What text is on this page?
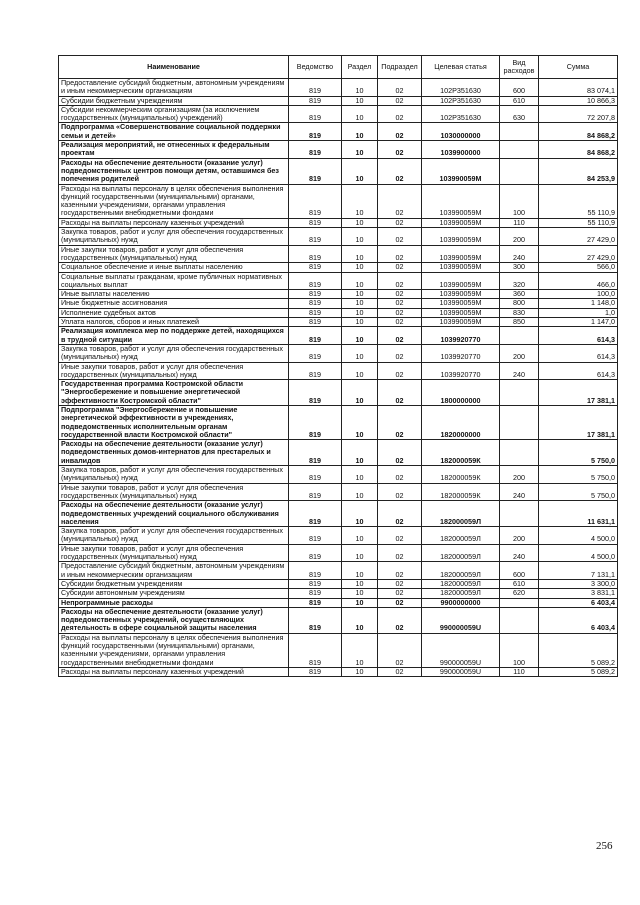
Наименование	Ведомство	Раздел	Подраздел	Целевая статья	Вид расходов	Сумма
Предоставление субсидий бюджетным, автономным учреждениям и иным некоммерческим организациям	819	10	02	102Р351630	600	83 074,1
Субсидии бюджетным учреждениям	819	10	02	102Р351630	610	10 866,3
Субсидии некоммерческим организациям (за исключением государственных (муниципальных) учреждений)	819	10	02	102Р351630	630	72 207,8
Подпрограмма «Совершенствование социальной поддержки семьи и детей»	819	10	02	1030000000		84 868,2
Реализация мероприятий, не отнесенных к федеральным проектам	819	10	02	1039900000		84 868,2
Расходы на обеспечение деятельности (оказание услуг) подведомственных центров помощи детям, оставшимся без попечения родителей	819	10	02	103990059М		84 253,9
Расходы на выплаты персоналу в целях обеспечения выполнения функций государственными (муниципальными) органами, казенными учреждениями, органами управления государственными внебюджетными фондами	819	10	02	103990059М	100	55 110,9
Расходы на выплаты персоналу казенных учреждений	819	10	02	103990059М	110	55 110,9
Закупка товаров, работ и услуг для обеспечения государственных (муниципальных) нужд	819	10	02	103990059М	200	27 429,0
Иные закупки товаров, работ и услуг для обеспечения государственных (муниципальных) нужд	819	10	02	103990059М	240	27 429,0
Социальное обеспечение и иные выплаты населению	819	10	02	103990059М	300	566,0
Социальные выплаты гражданам, кроме публичных нормативных социальных выплат	819	10	02	103990059М	320	466,0
Иные выплаты населению	819	10	02	103990059М	360	100,0
Иные бюджетные ассигнования	819	10	02	103990059М	800	1 148,0
Исполнение судебных актов	819	10	02	103990059М	830	1,0
Уплата налогов, сборов и иных платежей	819	10	02	103990059М	850	1 147,0
Реализация комплекса мер по поддержке детей, находящихся в трудной ситуации	819	10	02	1039920770		614,3
Закупка товаров, работ и услуг для обеспечения государственных (муниципальных) нужд	819	10	02	1039920770	200	614,3
Иные закупки товаров, работ и услуг для обеспечения государственных (муниципальных) нужд	819	10	02	1039920770	240	614,3
Государственная программа Костромской области "Энергосбережение и повышение энергетической эффективности Костромской области"	819	10	02	1800000000		17 381,1
Подпрограмма "Энергосбережение и повышение энергетической эффективности в учреждениях, подведомственных исполнительным органам государственной власти Костромской области"	819	10	02	1820000000		17 381,1
Расходы на обеспечение деятельности (оказание услуг) подведомственных домов-интернатов для престарелых и инвалидов	819	10	02	182000059К		5 750,0
Закупка товаров, работ и услуг для обеспечения государственных (муниципальных) нужд	819	10	02	182000059К	200	5 750,0
Иные закупки товаров, работ и услуг для обеспечения государственных (муниципальных) нужд	819	10	02	182000059К	240	5 750,0
Расходы на обеспечение деятельности (оказание услуг) подведомственных учреждений социального обслуживания населения	819	10	02	182000059Л		11 631,1
Закупка товаров, работ и услуг для обеспечения государственных (муниципальных) нужд	819	10	02	182000059Л	200	4 500,0
Иные закупки товаров, работ и услуг для обеспечения государственных (муниципальных) нужд	819	10	02	182000059Л	240	4 500,0
Предоставление субсидий бюджетным, автономным учреждениям и иным некоммерческим организациям	819	10	02	182000059Л	600	7 131,1
Субсидии бюджетным учреждениям	819	10	02	182000059Л	610	3 300,0
Субсидии автономным учреждениям	819	10	02	182000059Л	620	3 831,1
Непрограммные расходы	819	10	02	9900000000		6 403,4
Расходы на обеспечение деятельности (оказание услуг) подведомственных учреждений, осуществляющих деятельность в сфере социальной защиты населения	819	10	02	990000059U		6 403,4
Расходы на выплаты персоналу в целях обеспечения выполнения функций государственными (муниципальными) органами, казенными учреждениями, органами управления государственными внебюджетными фондами	819	10	02	990000059U	100	5 089,2
Расходы на выплаты персоналу казенных учреждений	819	10	02	990000059U	110	5 089,2
256
